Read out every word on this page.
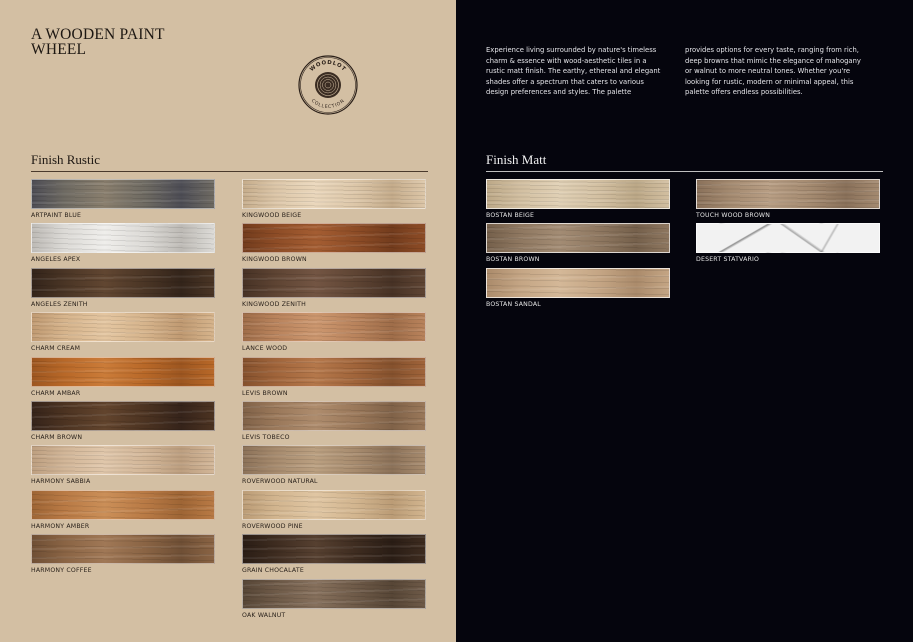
A WOODEN PAINT
WHEEL
WOODLOT
COLLECTION
Finish Rustic
ARTPAINT BLUE
ANGELES APEX
ANGELES ZENITH
CHARM CREAM
CHARM AMBAR
CHARM BROWN
HARMONY SABBIA
HARMONY AMBER
HARMONY COFFEE
KINGWOOD BEIGE
KINGWOOD BROWN
KINGWOOD ZENITH
LANCE WOOD
LEVIS BROWN
LEVIS TOBECO
ROVERWOOD NATURAL
ROVERWOOD PINE
GRAIN CHOCALATE
OAK WALNUT
Experience living surrounded by nature's timeless charm & essence with wood-aesthetic tiles in a rustic matt finish. The earthy, ethereal and elegant shades offer a spectrum that caters to various design preferences and styles. The palette
provides options for every taste, ranging from rich, deep browns that mimic the elegance of mahogany or walnut to more neutral tones. Whether you're looking for rustic, modern or minimal appeal, this palette offers endless possibilities.
Finish Matt
BOSTAN BEIGE
BOSTAN BROWN
BOSTAN SANDAL
TOUCH WOOD BROWN
DESERT STATVARIO
